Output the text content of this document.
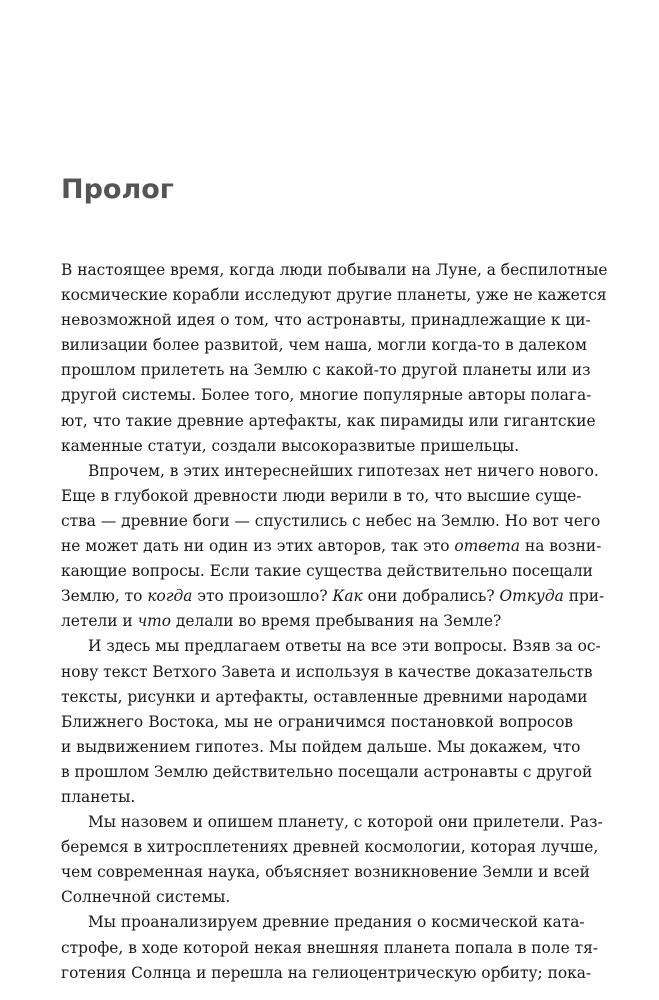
Пролог
В настоящее время, когда люди побывали на Луне, а беспилотные
космические корабли исследуют другие планеты, уже не кажется
невозможной идея о том, что астронавты, принадлежащие к ци-
вилизации более развитой, чем наша, могли когда-то в далеком
прошлом прилететь на Землю с какой-то другой планеты или из
другой системы. Более того, многие популярные авторы полага-
ют, что такие древние артефакты, как пирамиды или гигантские
каменные статуи, создали высокоразвитые пришельцы.
Впрочем, в этих интереснейших гипотезах нет ничего нового.
Еще в глубокой древности люди верили в то, что высшие суще-
ства — древние боги — спустились с небес на Землю. Но вот чего
не может дать ни один из этих авторов, так это ответа на возни-
кающие вопросы. Если такие существа действительно посещали
Землю, то когда это произошло? Как они добрались? Откуда при-
летели и что делали во время пребывания на Земле?
И здесь мы предлагаем ответы на все эти вопросы. Взяв за ос-
нову текст Ветхого Завета и используя в качестве доказательств
тексты, рисунки и артефакты, оставленные древними народами
Ближнего Востока, мы не ограничимся постановкой вопросов
и выдвижением гипотез. Мы пойдем дальше. Мы докажем, что
в прошлом Землю действительно посещали астронавты с другой
планеты.
Мы назовем и опишем планету, с которой они прилетели. Раз-
беремся в хитросплетениях древней космологии, которая лучше,
чем современная наука, объясняет возникновение Земли и всей
Солнечной системы.
Мы проанализируем древние предания о космической ката-
строфе, в ходе которой некая внешняя планета попала в поле тя-
готения Солнца и перешла на гелиоцентрическую орбиту; пока-
